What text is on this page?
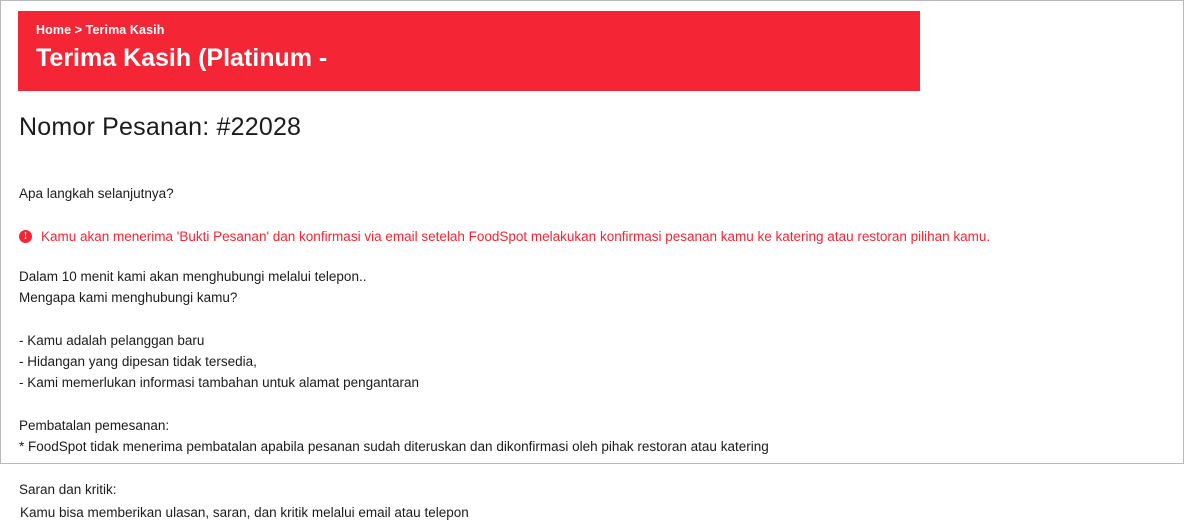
Home > Terima Kasih
Terima Kasih (Platinum -
Nomor Pesanan: #22028
Apa langkah selanjutnya?
!	Kamu akan menerima 'Bukti Pesanan' dan konfirmasi via email setelah FoodSpot melakukan konfirmasi pesanan kamu ke katering atau restoran pilihan kamu.
Dalam 10 menit kami akan menghubungi melalui telepon..
Mengapa kami menghubungi kamu?
- Kamu adalah pelanggan baru
- Hidangan yang dipesan tidak tersedia,
- Kami memerlukan informasi tambahan untuk alamat pengantaran
Pembatalan pemesanan:
* FoodSpot tidak menerima pembatalan apabila pesanan sudah diteruskan dan dikonfirmasi oleh pihak restoran atau katering
Saran dan kritik:
Kamu bisa memberikan ulasan, saran, dan kritik melalui email atau telepon
